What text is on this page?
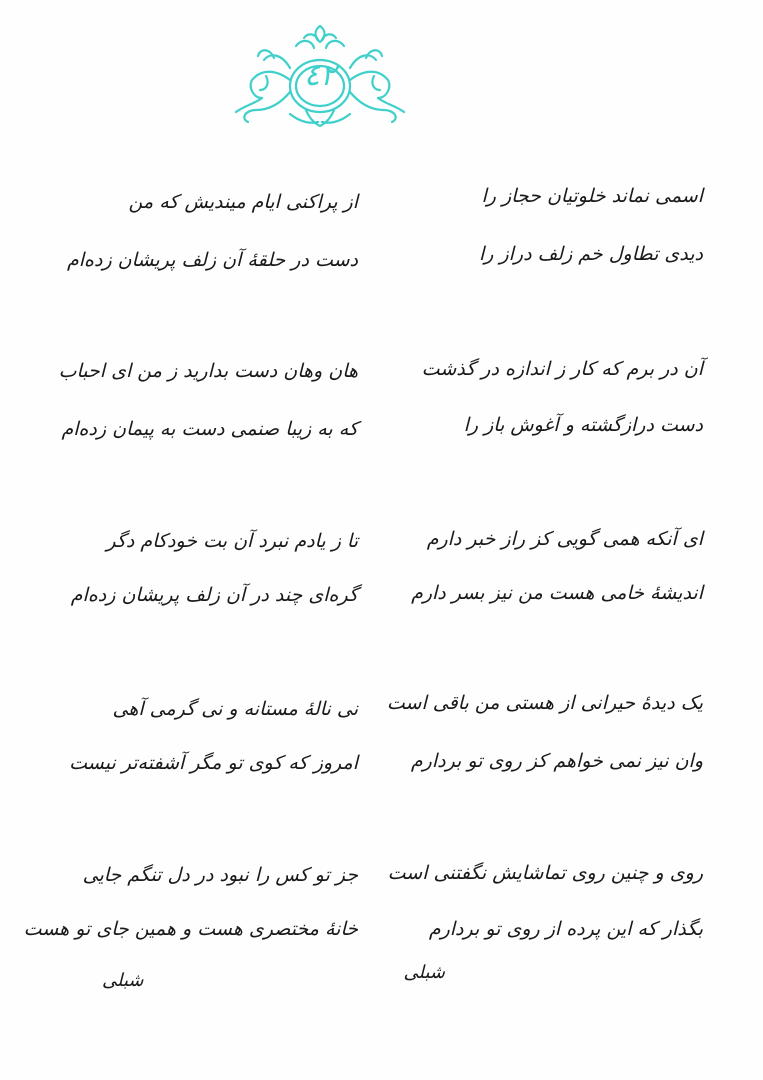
٤٢
اسمی نماند خلوتیان حجاز را
دیدی تطاول خم زلف دراز را
از پراکنی ایام میندیش که من
دست در حلقهٔ آن زلف پریشان زده‌ام
آن در برم که کار ز اندازه در گذشت
دست درازگشته و آغوش باز را
هان وهان دست بدارید ز من ای احباب
که به زیبا صنمی دست به پیمان زده‌ام
ای آنکه همی گویی کز راز خبر دارم
اندیشهٔ خامی هست من نیز بسر دارم
تا ز یادم نبرد آن بت خودکام دگر
گره‌ای چند در آن زلف پریشان زده‌ام
یک دیدهٔ حیرانی از هستی من باقی است
وان نیز نمی خواهم کز روی تو بردارم
نی نالهٔ مستانه و نی گرمی آهی
امروز که کوی تو مگر آشفته‌تر نیست
روی و چنین روی تماشایش نگفتنی است
بگذار که این پرده از روی تو بردارم
جز تو کس را نبود در دل تنگم جایی
خانهٔ مختصری هست و همین جای تو هست
شبلی
شبلی
